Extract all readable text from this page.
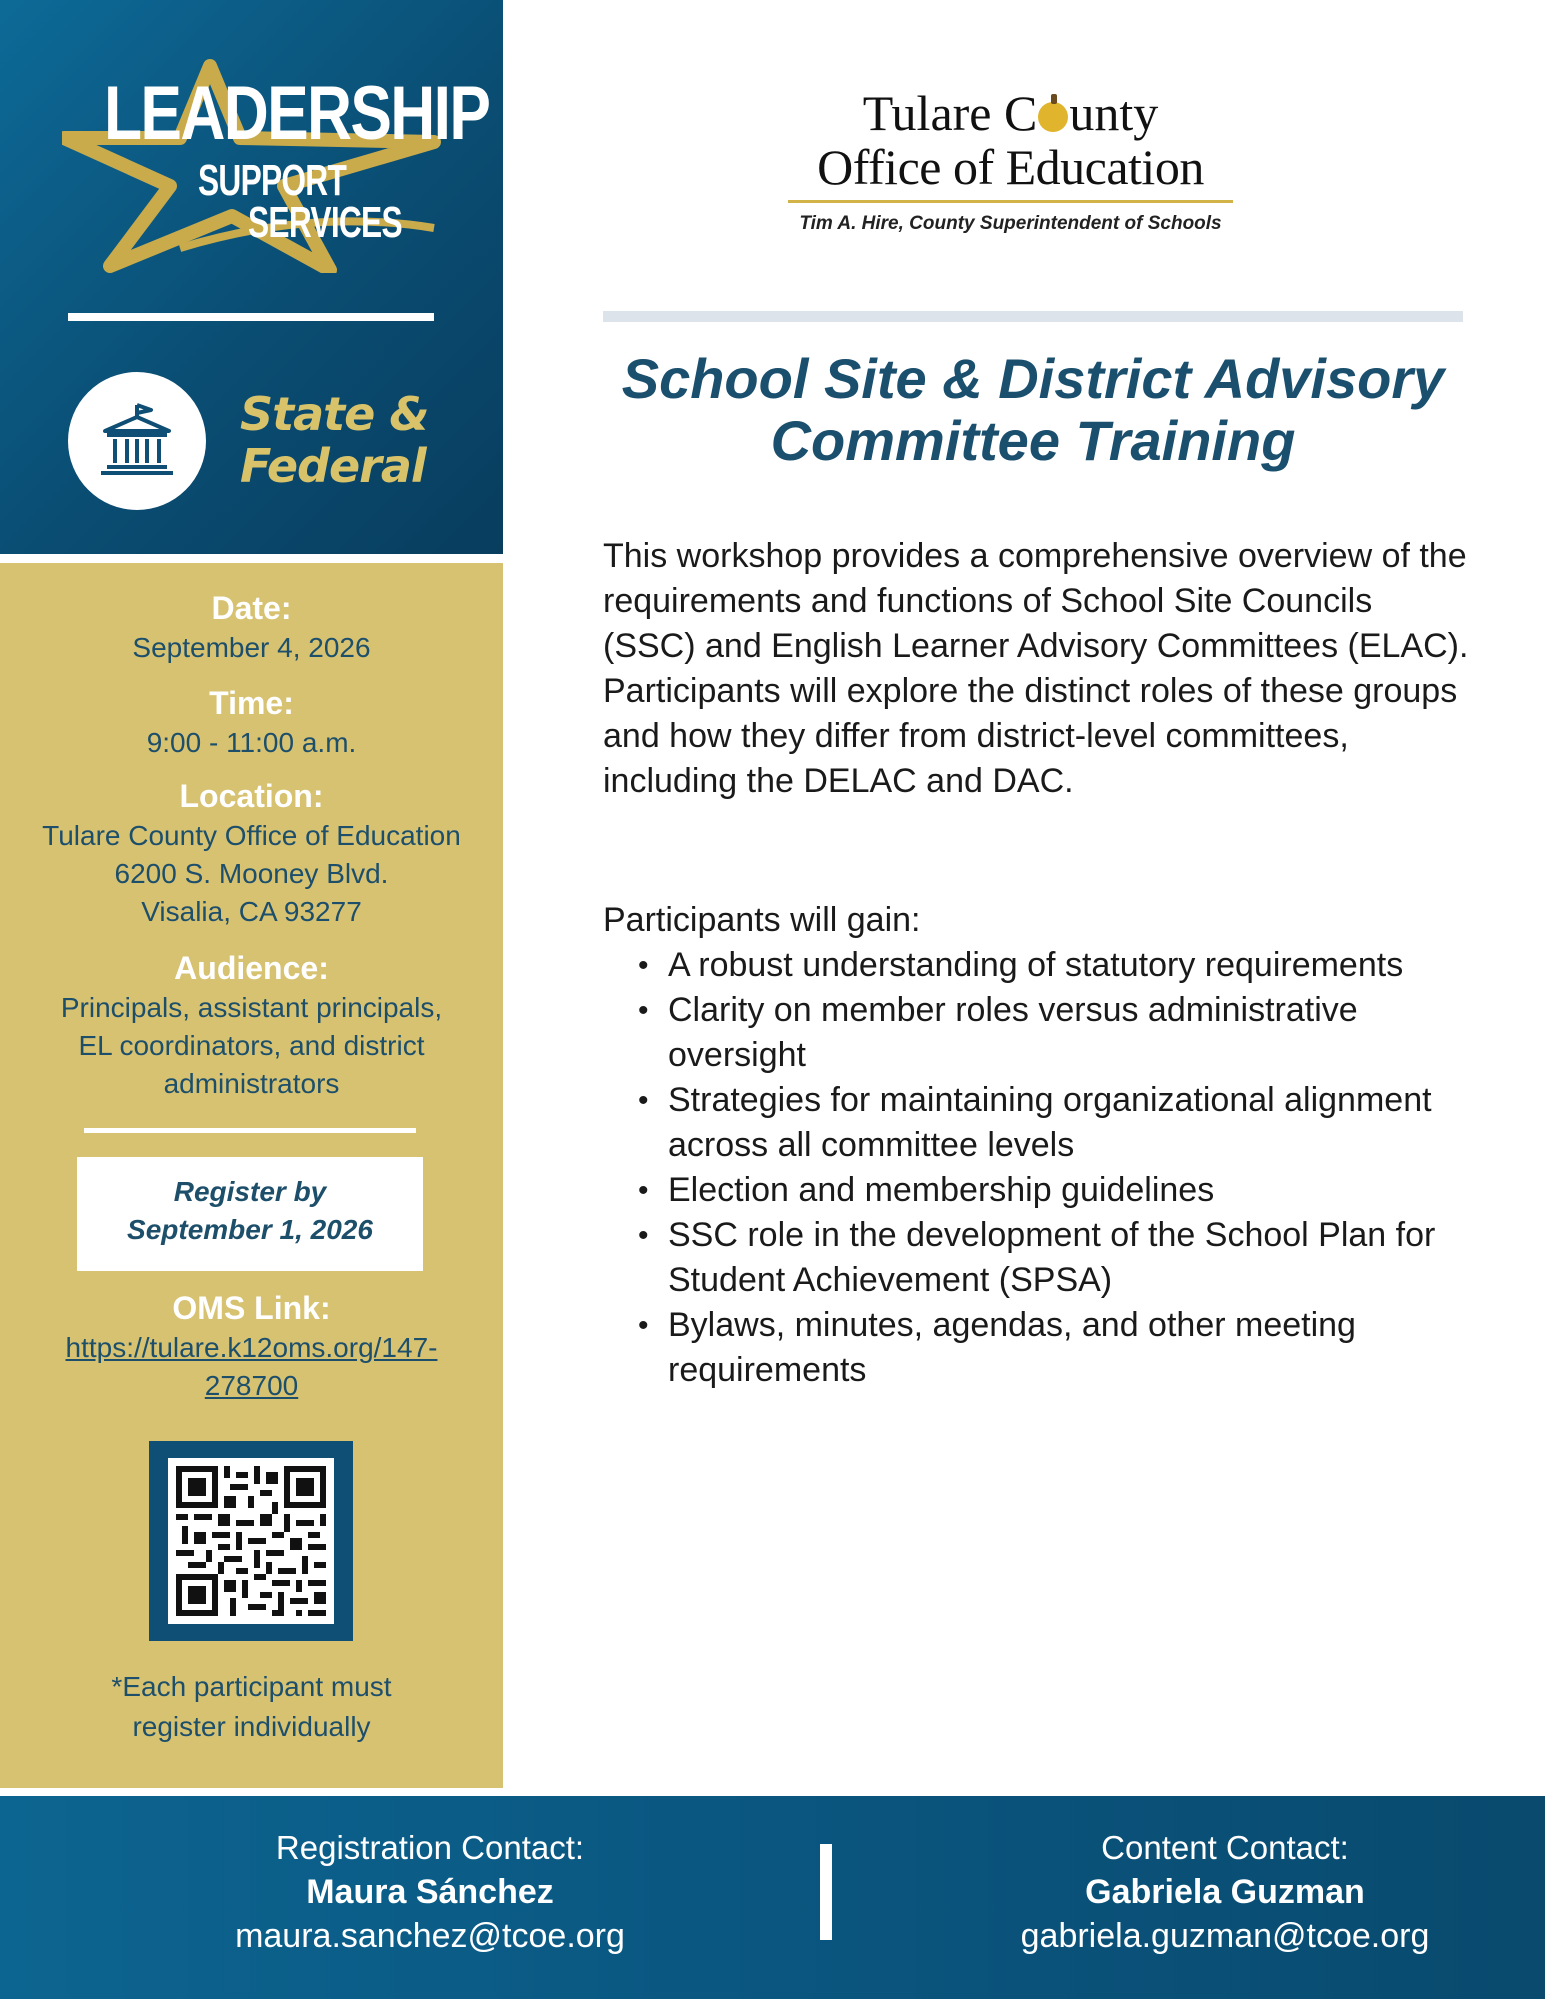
LEADERSHIP
SUPPORT
SERVICES
State & Federal
Date:
September 4, 2026
Time:
9:00 - 11:00 a.m.
Location:
Tulare County Office of Education
6200 S. Mooney Blvd.
Visalia, CA 93277
Audience:
Principals, assistant principals,
EL coordinators, and district
administrators
Register by
September 1, 2026
OMS Link:
https://tulare.k12oms.org/147-
278700
*Each participant must
register individually
Tulare C unty
Office of Education
Tim A. Hire, County Superintendent of Schools
School Site & District Advisory
Committee Training
This workshop provides a comprehensive overview of the requirements and functions of School Site Councils (SSC) and English Learner Advisory Committees (ELAC). Participants will explore the distinct roles of these groups and how they differ from district-level committees, including the DELAC and DAC.
Participants will gain:
• A robust understanding of statutory requirements
• Clarity on member roles versus administrative oversight
• Strategies for maintaining organizational alignment across all committee levels
• Election and membership guidelines
• SSC role in the development of the School Plan for Student Achievement (SPSA)
• Bylaws, minutes, agendas, and other meeting requirements
Registration Contact:
Maura Sánchez
maura.sanchez@tcoe.org
Content Contact:
Gabriela Guzman
gabriela.guzman@tcoe.org
